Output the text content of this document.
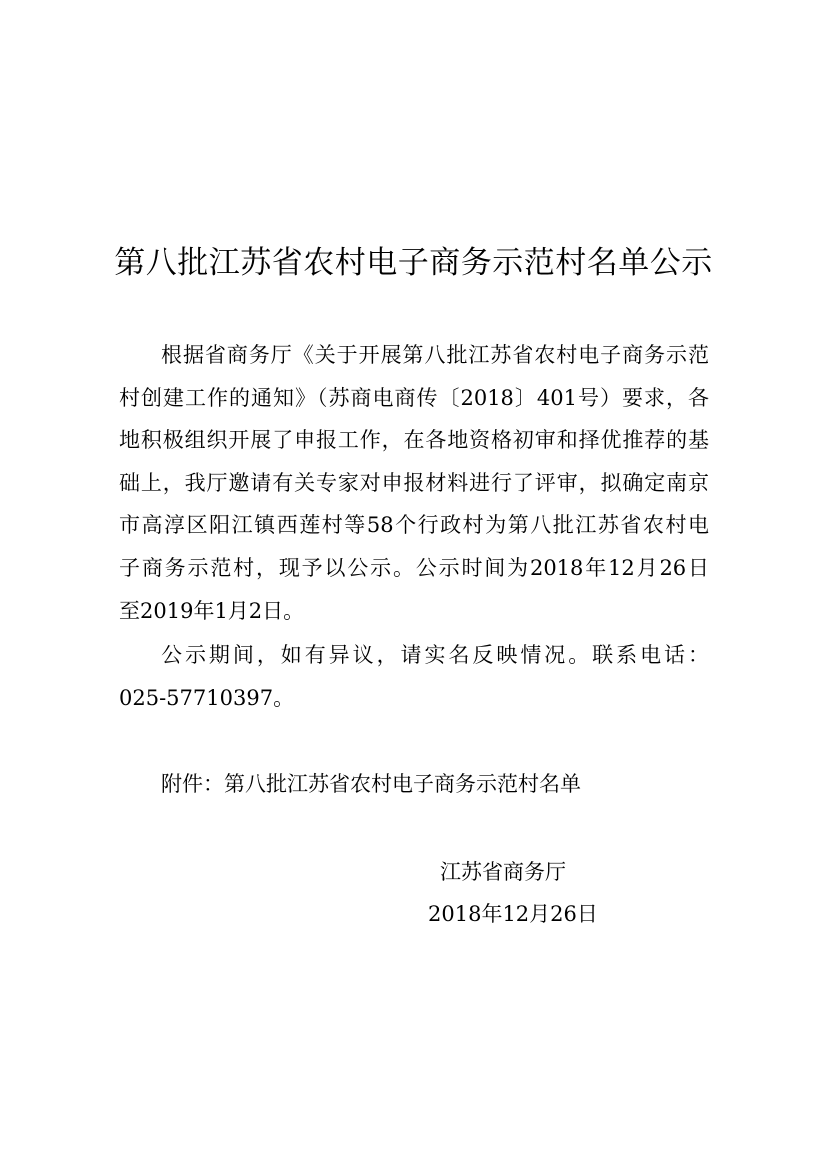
第八批江苏省农村电子商务示范村名单公示
根据省商务厅《关于开展第八批江苏省农村电子商务示范
村创建工作的通知》（苏商电商传〔2018〕401号）要求，各
地积极组织开展了申报工作，在各地资格初审和择优推荐的基
础上，我厅邀请有关专家对申报材料进行了评审，拟确定南京
市高淳区阳江镇西莲村等58个行政村为第八批江苏省农村电
子商务示范村，现予以公示。公示时间为2018年12月26日
至2019年1月2日。
公示期间，如有异议，请实名反映情况。联系电话：
025-57710397。
附件：第八批江苏省农村电子商务示范村名单
江苏省商务厅
2018年12月26日
